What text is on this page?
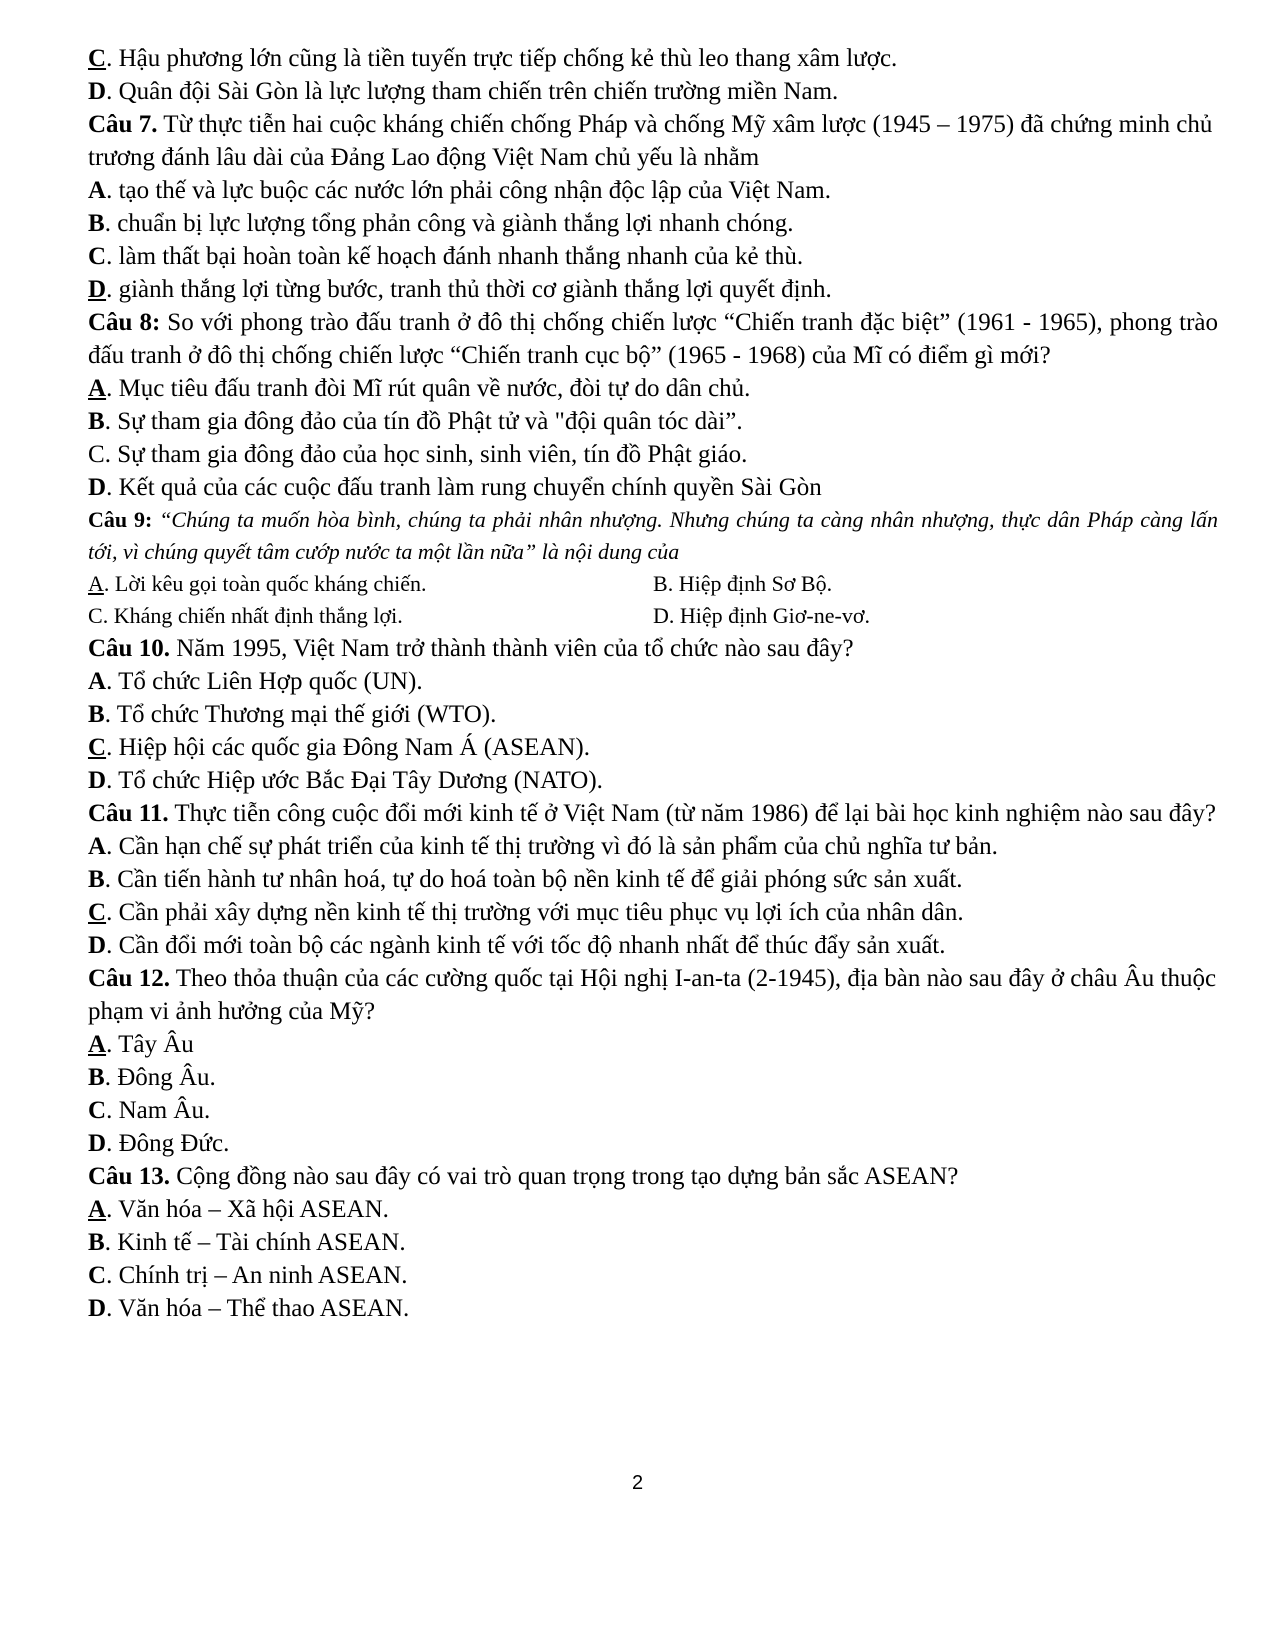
C. Hậu phương lớn cũng là tiền tuyến trực tiếp chống kẻ thù leo thang xâm lược.
D. Quân đội Sài Gòn là lực lượng tham chiến trên chiến trường miền Nam.
Câu 7. Từ thực tiễn hai cuộc kháng chiến chống Pháp và chống Mỹ xâm lược (1945 – 1975) đã chứng minh chủ trương đánh lâu dài của Đảng Lao động Việt Nam chủ yếu là nhằm
A. tạo thế và lực buộc các nước lớn phải công nhận độc lập của Việt Nam.
B. chuẩn bị lực lượng tổng phản công và giành thắng lợi nhanh chóng.
C. làm thất bại hoàn toàn kế hoạch đánh nhanh thắng nhanh của kẻ thù.
D. giành thắng lợi từng bước, tranh thủ thời cơ giành thắng lợi quyết định.
Câu 8: So với phong trào đấu tranh ở đô thị chống chiến lược “Chiến tranh đặc biệt” (1961 - 1965), phong trào đấu tranh ở đô thị chống chiến lược “Chiến tranh cục bộ” (1965 - 1968) của Mĩ có điểm gì mới?
A. Mục tiêu đấu tranh đòi Mĩ rút quân về nước, đòi tự do dân chủ.
B. Sự tham gia đông đảo của tín đồ Phật tử và "đội quân tóc dài”.
C. Sự tham gia đông đảo của học sinh, sinh viên, tín đồ Phật giáo.
D. Kết quả của các cuộc đấu tranh làm rung chuyển chính quyền Sài Gòn
Câu 9: “Chúng ta muốn hòa bình, chúng ta phải nhân nhượng. Nhưng chúng ta càng nhân nhượng, thực dân Pháp càng lấn tới, vì chúng quyết tâm cướp nước ta một lần nữa” là nội dung của
A. Lời kêu gọi toàn quốc kháng chiến.	B. Hiệp định Sơ Bộ.
C. Kháng chiến nhất định thắng lợi.	D. Hiệp định Giơ-ne-vơ.
Câu 10. Năm 1995, Việt Nam trở thành thành viên của tổ chức nào sau đây?
A. Tổ chức Liên Hợp quốc (UN).
B. Tổ chức Thương mại thế giới (WTO).
C. Hiệp hội các quốc gia Đông Nam Á (ASEAN).
D. Tổ chức Hiệp ước Bắc Đại Tây Dương (NATO).
Câu 11. Thực tiễn công cuộc đổi mới kinh tế ở Việt Nam (từ năm 1986) để lại bài học kinh nghiệm nào sau đây?
A. Cần hạn chế sự phát triển của kinh tế thị trường vì đó là sản phẩm của chủ nghĩa tư bản.
B. Cần tiến hành tư nhân hoá, tự do hoá toàn bộ nền kinh tế để giải phóng sức sản xuất.
C. Cần phải xây dựng nền kinh tế thị trường với mục tiêu phục vụ lợi ích của nhân dân.
D. Cần đổi mới toàn bộ các ngành kinh tế với tốc độ nhanh nhất để thúc đẩy sản xuất.
Câu 12. Theo thỏa thuận của các cường quốc tại Hội nghị I-an-ta (2-1945), địa bàn nào sau đây ở châu Âu thuộc phạm vi ảnh hưởng của Mỹ?
A. Tây Âu
B. Đông Âu.
C. Nam Âu.
D. Đông Đức.
Câu 13. Cộng đồng nào sau đây có vai trò quan trọng trong tạo dựng bản sắc ASEAN?
A. Văn hóa – Xã hội ASEAN.
B. Kinh tế – Tài chính ASEAN.
C. Chính trị – An ninh ASEAN.
D. Văn hóa – Thể thao ASEAN.
2
